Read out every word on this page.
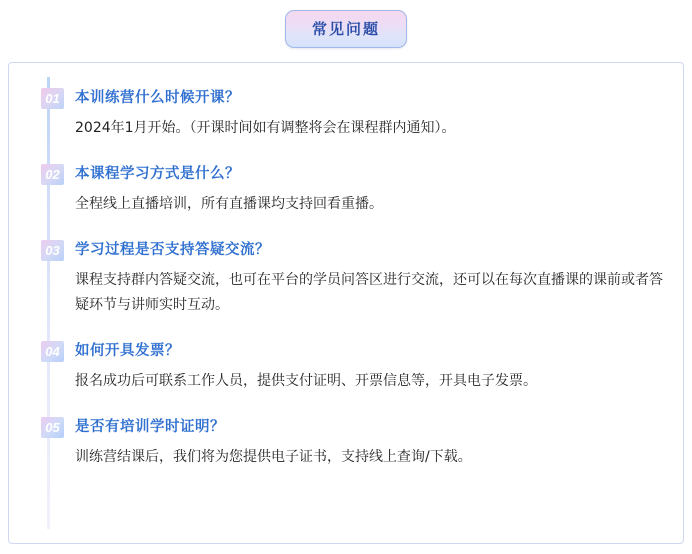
常见问题
01 本训练营什么时候开课？

2024年1月开始。（开课时间如有调整将会在课程群内通知）。

02 本课程学习方式是什么？

全程线上直播培训，所有直播课均支持回看重播。

03 学习过程是否支持答疑交流？

课程支持群内答疑交流，也可在平台的学员问答区进行交流，还可以在每次直播课的课前或者答疑环节与讲师实时互动。

04 如何开具发票？

报名成功后可联系工作人员，提供支付证明、开票信息等，开具电子发票。

05 是否有培训学时证明？

训练营结课后，我们将为您提供电子证书，支持线上查询/下载。
